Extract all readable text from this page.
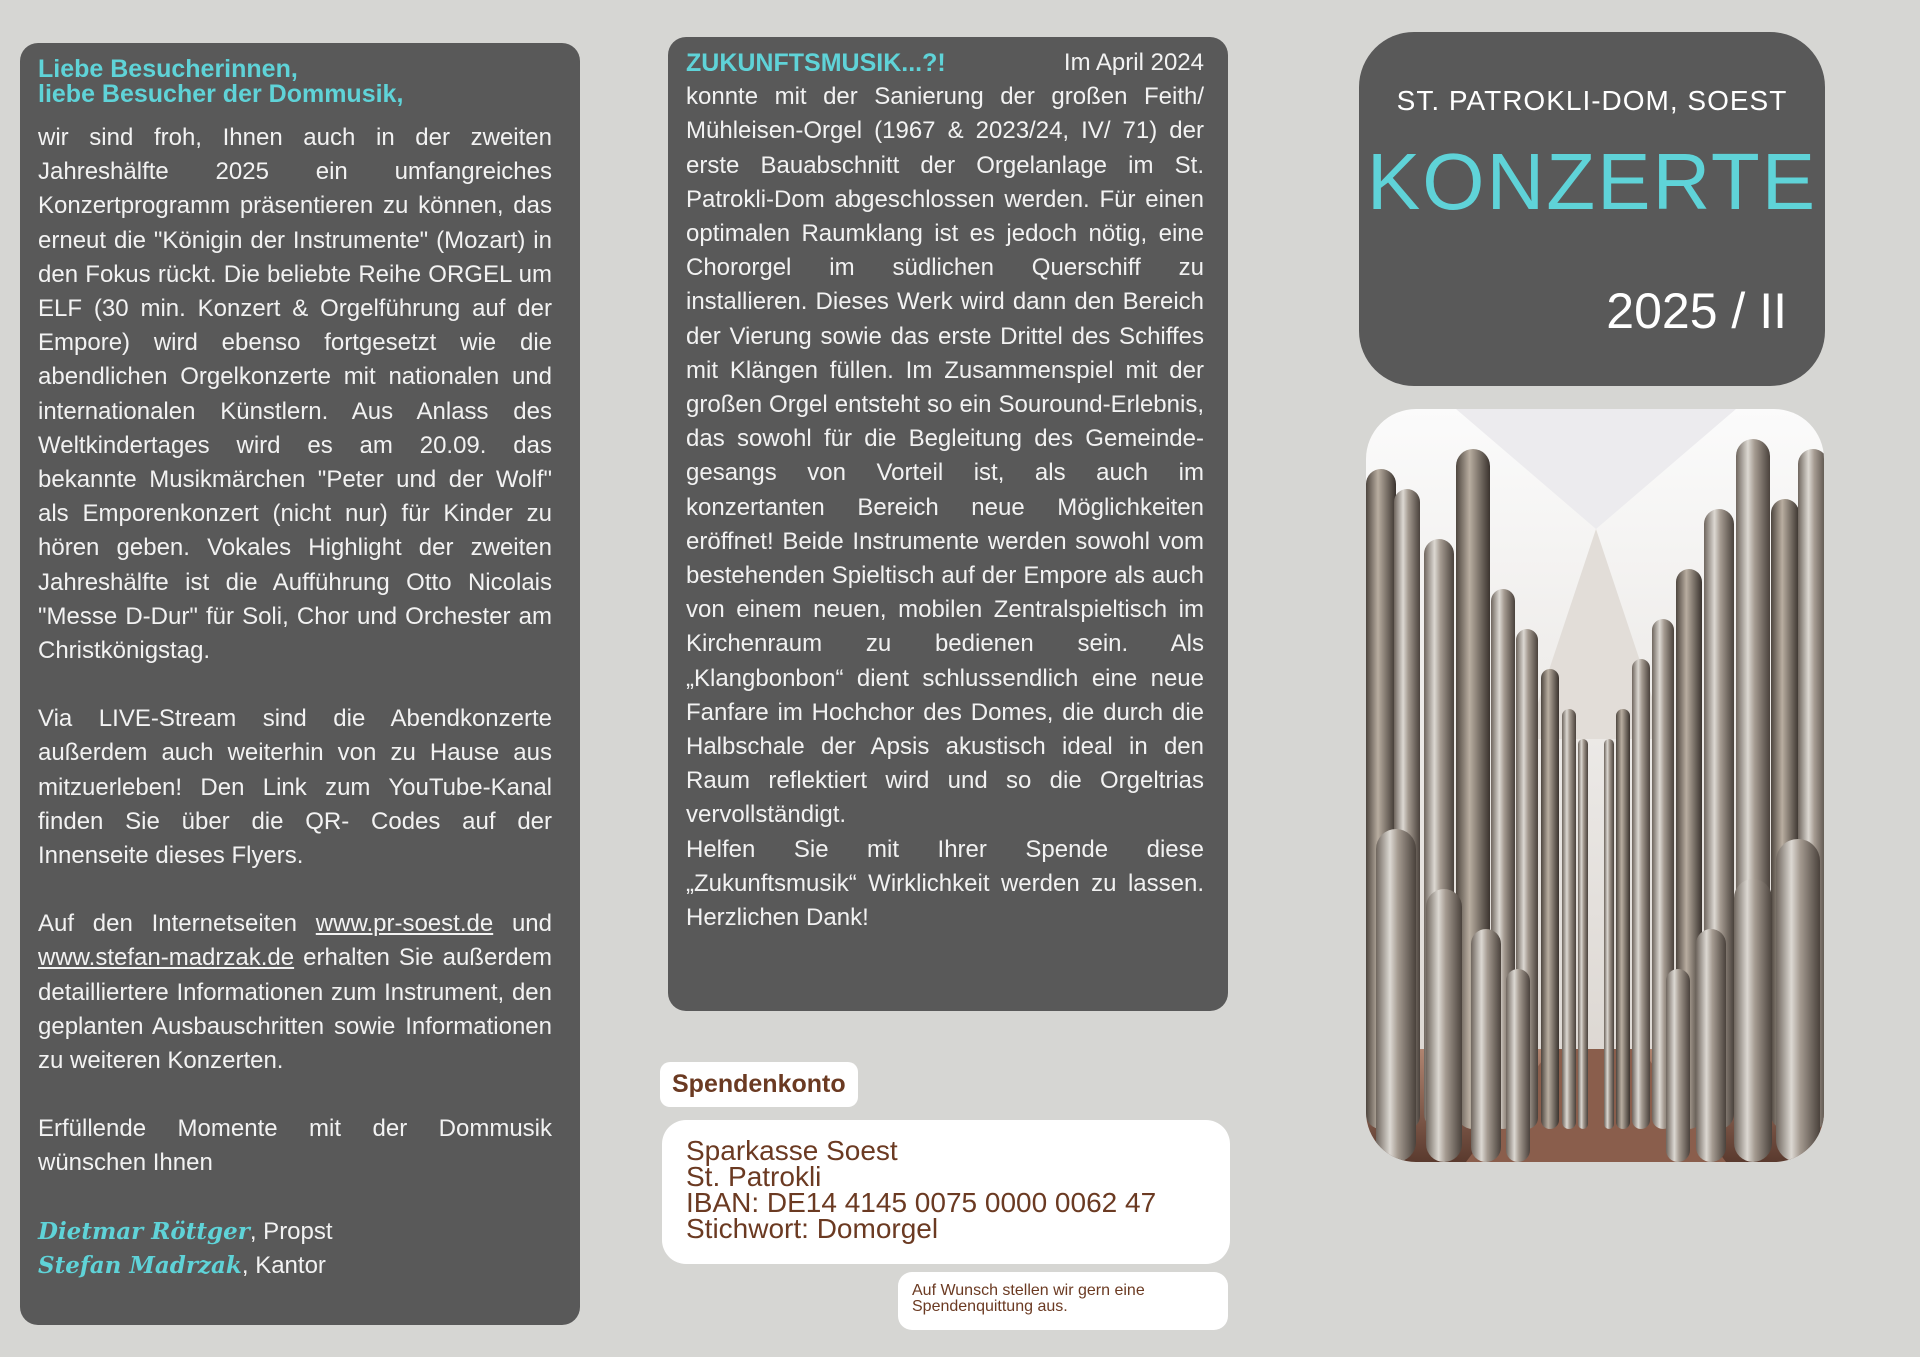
Liebe Besucherinnen,
liebe Besucher der Dommusik,

wir sind froh, Ihnen auch in der zweiten Jahreshälfte 2025 ein umfangreiches Konzertprogramm präsentieren zu können, das erneut die "Königin der Instrumente" (Mozart) in den Fokus rückt. Die beliebte Reihe ORGEL um ELF (30 min. Konzert & Orgelführung auf der Empore) wird ebenso fortgesetzt wie die abendlichen Orgelkonzerte mit nationalen und internationalen Künstlern. Aus Anlass des Weltkindertages wird es am 20.09. das bekannte Musikmärchen "Peter und der Wolf" als Emporenkonzert (nicht nur) für Kinder zu hören geben. Vokales Highlight der zweiten Jahreshälfte ist die Aufführung Otto Nicolais "Messe D-Dur" für Soli, Chor und Orchester am Christkönigstag.

Via LIVE-Stream sind die Abendkonzerte außerdem auch weiterhin von zu Hause aus mitzuerleben! Den Link zum YouTube-Kanal finden Sie über die QR- Codes auf der Innenseite dieses Flyers.

Auf den Internetseiten www.pr-soest.de und www.stefan-madrzak.de erhalten Sie außerdem detailliertere Informationen zum Instrument, den geplanten Ausbauschritten sowie Informationen zu weiteren Konzerten.

Erfüllende Momente mit der Dommusik wünschen Ihnen

Dietmar Röttger, Propst

Stefan Madrzak, Kantor

ZUKUNFTSMUSIK...?!	Im April 2024
konnte mit der Sanierung der großen Feith/ Mühleisen-Orgel (1967 & 2023/24, IV/ 71) der erste Bauabschnitt der Orgelanlage im St. Patrokli-Dom abgeschlossen werden. Für einen optimalen Raumklang ist es jedoch nötig, eine Chororgel im südlichen Querschiff zu installieren. Dieses Werk wird dann den Bereich der Vierung sowie das erste Drittel des Schiffes mit Klängen füllen. Im Zusammenspiel mit der großen Orgel entsteht so ein Souround-Erlebnis, das sowohl für die Begleitung des Gemeinde-gesangs von Vorteil ist, als auch im konzertanten Bereich neue Möglichkeiten eröffnet! Beide Instrumente werden sowohl vom bestehenden Spieltisch auf der Empore als auch von einem neuen, mobilen Zentralspieltisch im Kirchenraum zu bedienen sein. Als „Klangbonbon“ dient schlussendlich eine neue Fanfare im Hochchor des Domes, die durch die Halbschale der Apsis akustisch ideal in den Raum reflektiert wird und so die Orgeltrias vervollständigt.
Helfen Sie mit Ihrer Spende diese „Zukunftsmusik“ Wirklichkeit werden zu lassen. Herzlichen Dank!
Spendenkonto
Sparkasse Soest
St. Patrokli
IBAN: DE14 4145 0075 0000 0062 47
Stichwort: Domorgel
Auf Wunsch stellen wir gern eine
Spendenquittung aus.
ST. PATROKLI-DOM, SOEST
KONZERTE
2025 / II
